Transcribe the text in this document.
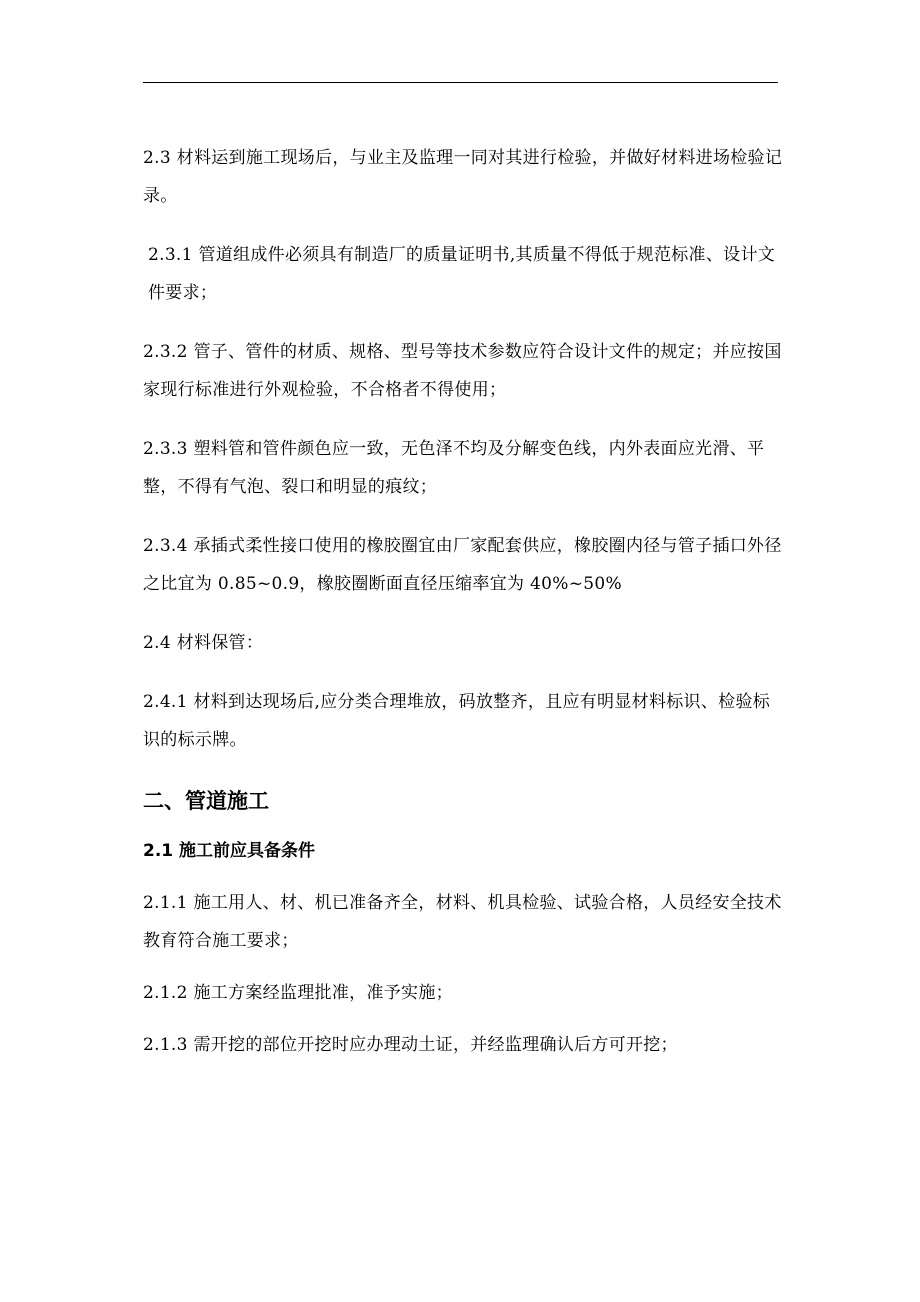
2.3 材料运到施工现场后，与业主及监理一同对其进行检验，并做好材料进场检验记录。

2.3.1 管道组成件必须具有制造厂的质量证明书,其质量不得低于规范标准、设计文件要求；

2.3.2 管子、管件的材质、规格、型号等技术参数应符合设计文件的规定；并应按国家现行标准进行外观检验，不合格者不得使用；

2.3.3 塑料管和管件颜色应一致，无色泽不均及分解变色线，内外表面应光滑、平整，不得有气泡、裂口和明显的痕纹；

2.3.4 承插式柔性接口使用的橡胶圈宜由厂家配套供应，橡胶圈内径与管子插口外径之比宜为 0.85~0.9，橡胶圈断面直径压缩率宜为 40%~50%

2.4 材料保管：

2.4.1 材料到达现场后,应分类合理堆放，码放整齐，且应有明显材料标识、检验标识的标示牌。

二、管道施工
2.1 施工前应具备条件

2.1.1 施工用人、材、机已准备齐全，材料、机具检验、试验合格，人员经安全技术教育符合施工要求；

2.1.2 施工方案经监理批准，准予实施；

2.1.3 需开挖的部位开挖时应办理动土证，并经监理确认后方可开挖；
